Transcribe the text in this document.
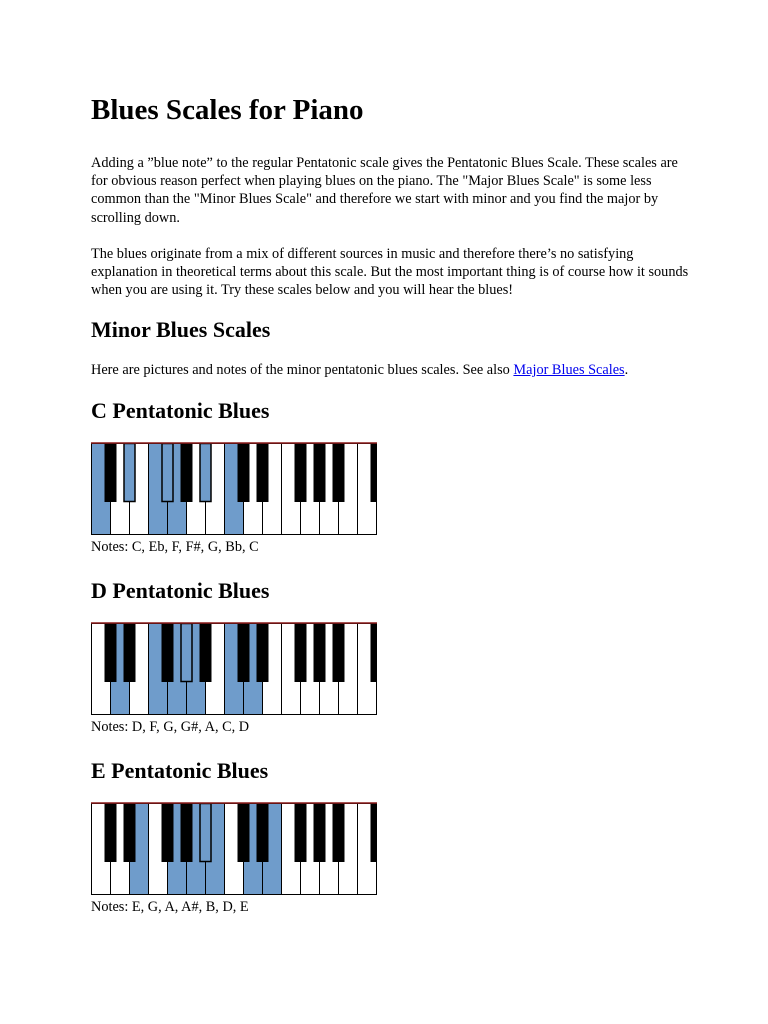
Blues Scales for Piano

Adding a ”blue note” to the regular Pentatonic scale gives the Pentatonic Blues Scale. These scales are for obvious reason perfect when playing blues on the piano. The "Major Blues Scale" is some less common than the "Minor Blues Scale" and therefore we start with minor and you find the major by scrolling down.

The blues originate from a mix of different sources in music and therefore there’s no satisfying explanation in theoretical terms about this scale. But the most important thing is of course how it sounds when you are using it. Try these scales below and you will hear the blues!

Minor Blues Scales

Here are pictures and notes of the minor pentatonic blues scales. See also Major Blues Scales.

C Pentatonic Blues

Notes: C, Eb, F, F#, G, Bb, C

D Pentatonic Blues

Notes: D, F, G, G#, A, C, D

E Pentatonic Blues

Notes: E, G, A, A#, B, D, E
